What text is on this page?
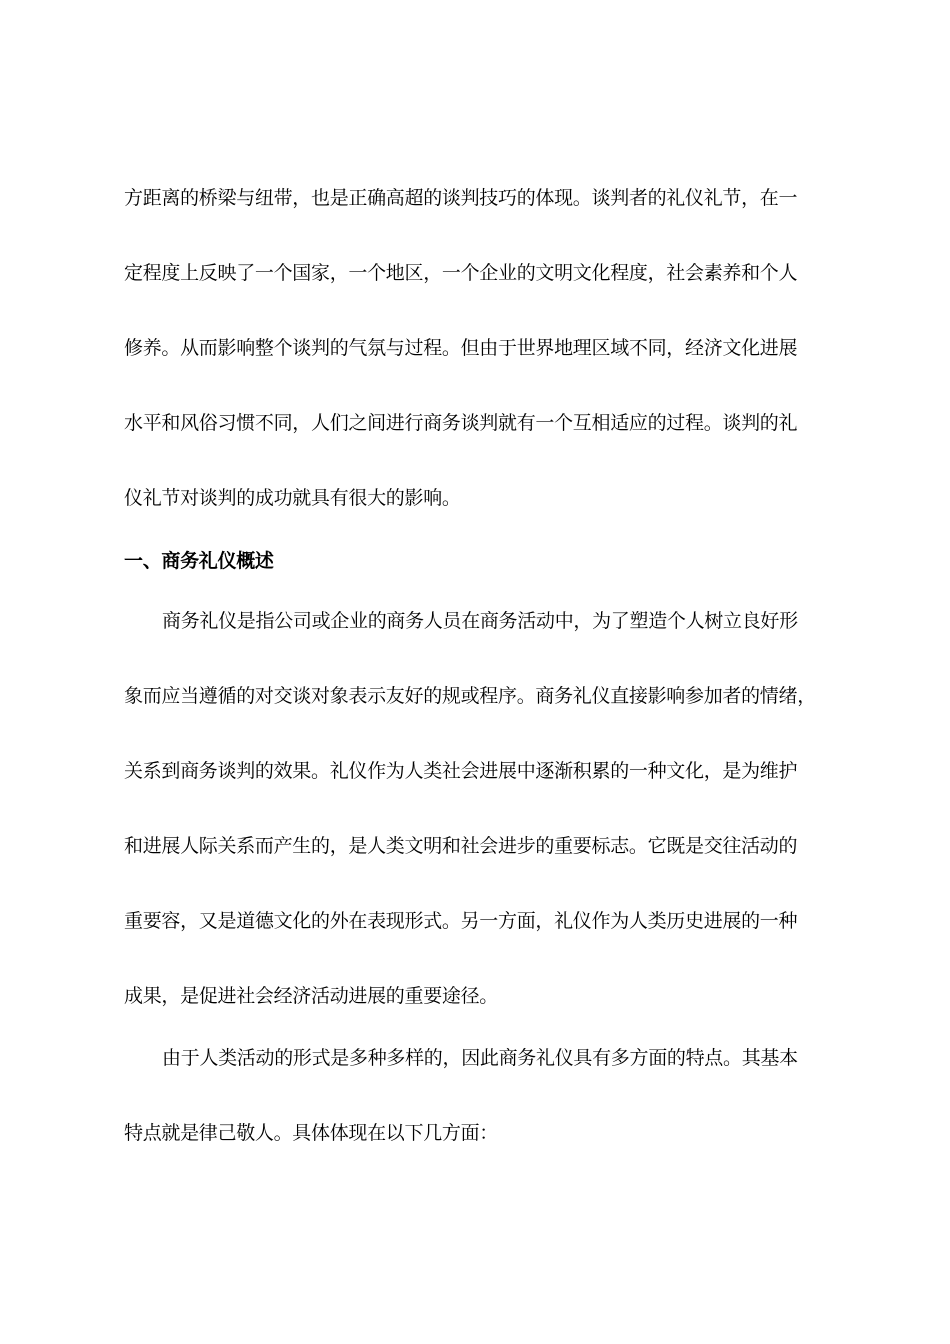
方距离的桥梁与纽带，也是正确高超的谈判技巧的体现。谈判者的礼仪礼节，在一
定程度上反映了一个国家，一个地区，一个企业的文明文化程度，社会素养和个人
修养。从而影响整个谈判的气氛与过程。但由于世界地理区域不同，经济文化进展
水平和风俗习惯不同，人们之间进行商务谈判就有一个互相适应的过程。谈判的礼
仪礼节对谈判的成功就具有很大的影响。
一、商务礼仪概述
商务礼仪是指公司或企业的商务人员在商务活动中，为了塑造个人树立良好形
象而应当遵循的对交谈对象表示友好的规或程序。商务礼仪直接影响参加者的情绪，
关系到商务谈判的效果。礼仪作为人类社会进展中逐渐积累的一种文化，是为维护
和进展人际关系而产生的，是人类文明和社会进步的重要标志。它既是交往活动的
重要容，又是道德文化的外在表现形式。另一方面，礼仪作为人类历史进展的一种
成果，是促进社会经济活动进展的重要途径。
由于人类活动的形式是多种多样的，因此商务礼仪具有多方面的特点。其基本
特点就是律己敬人。具体体现在以下几方面：
